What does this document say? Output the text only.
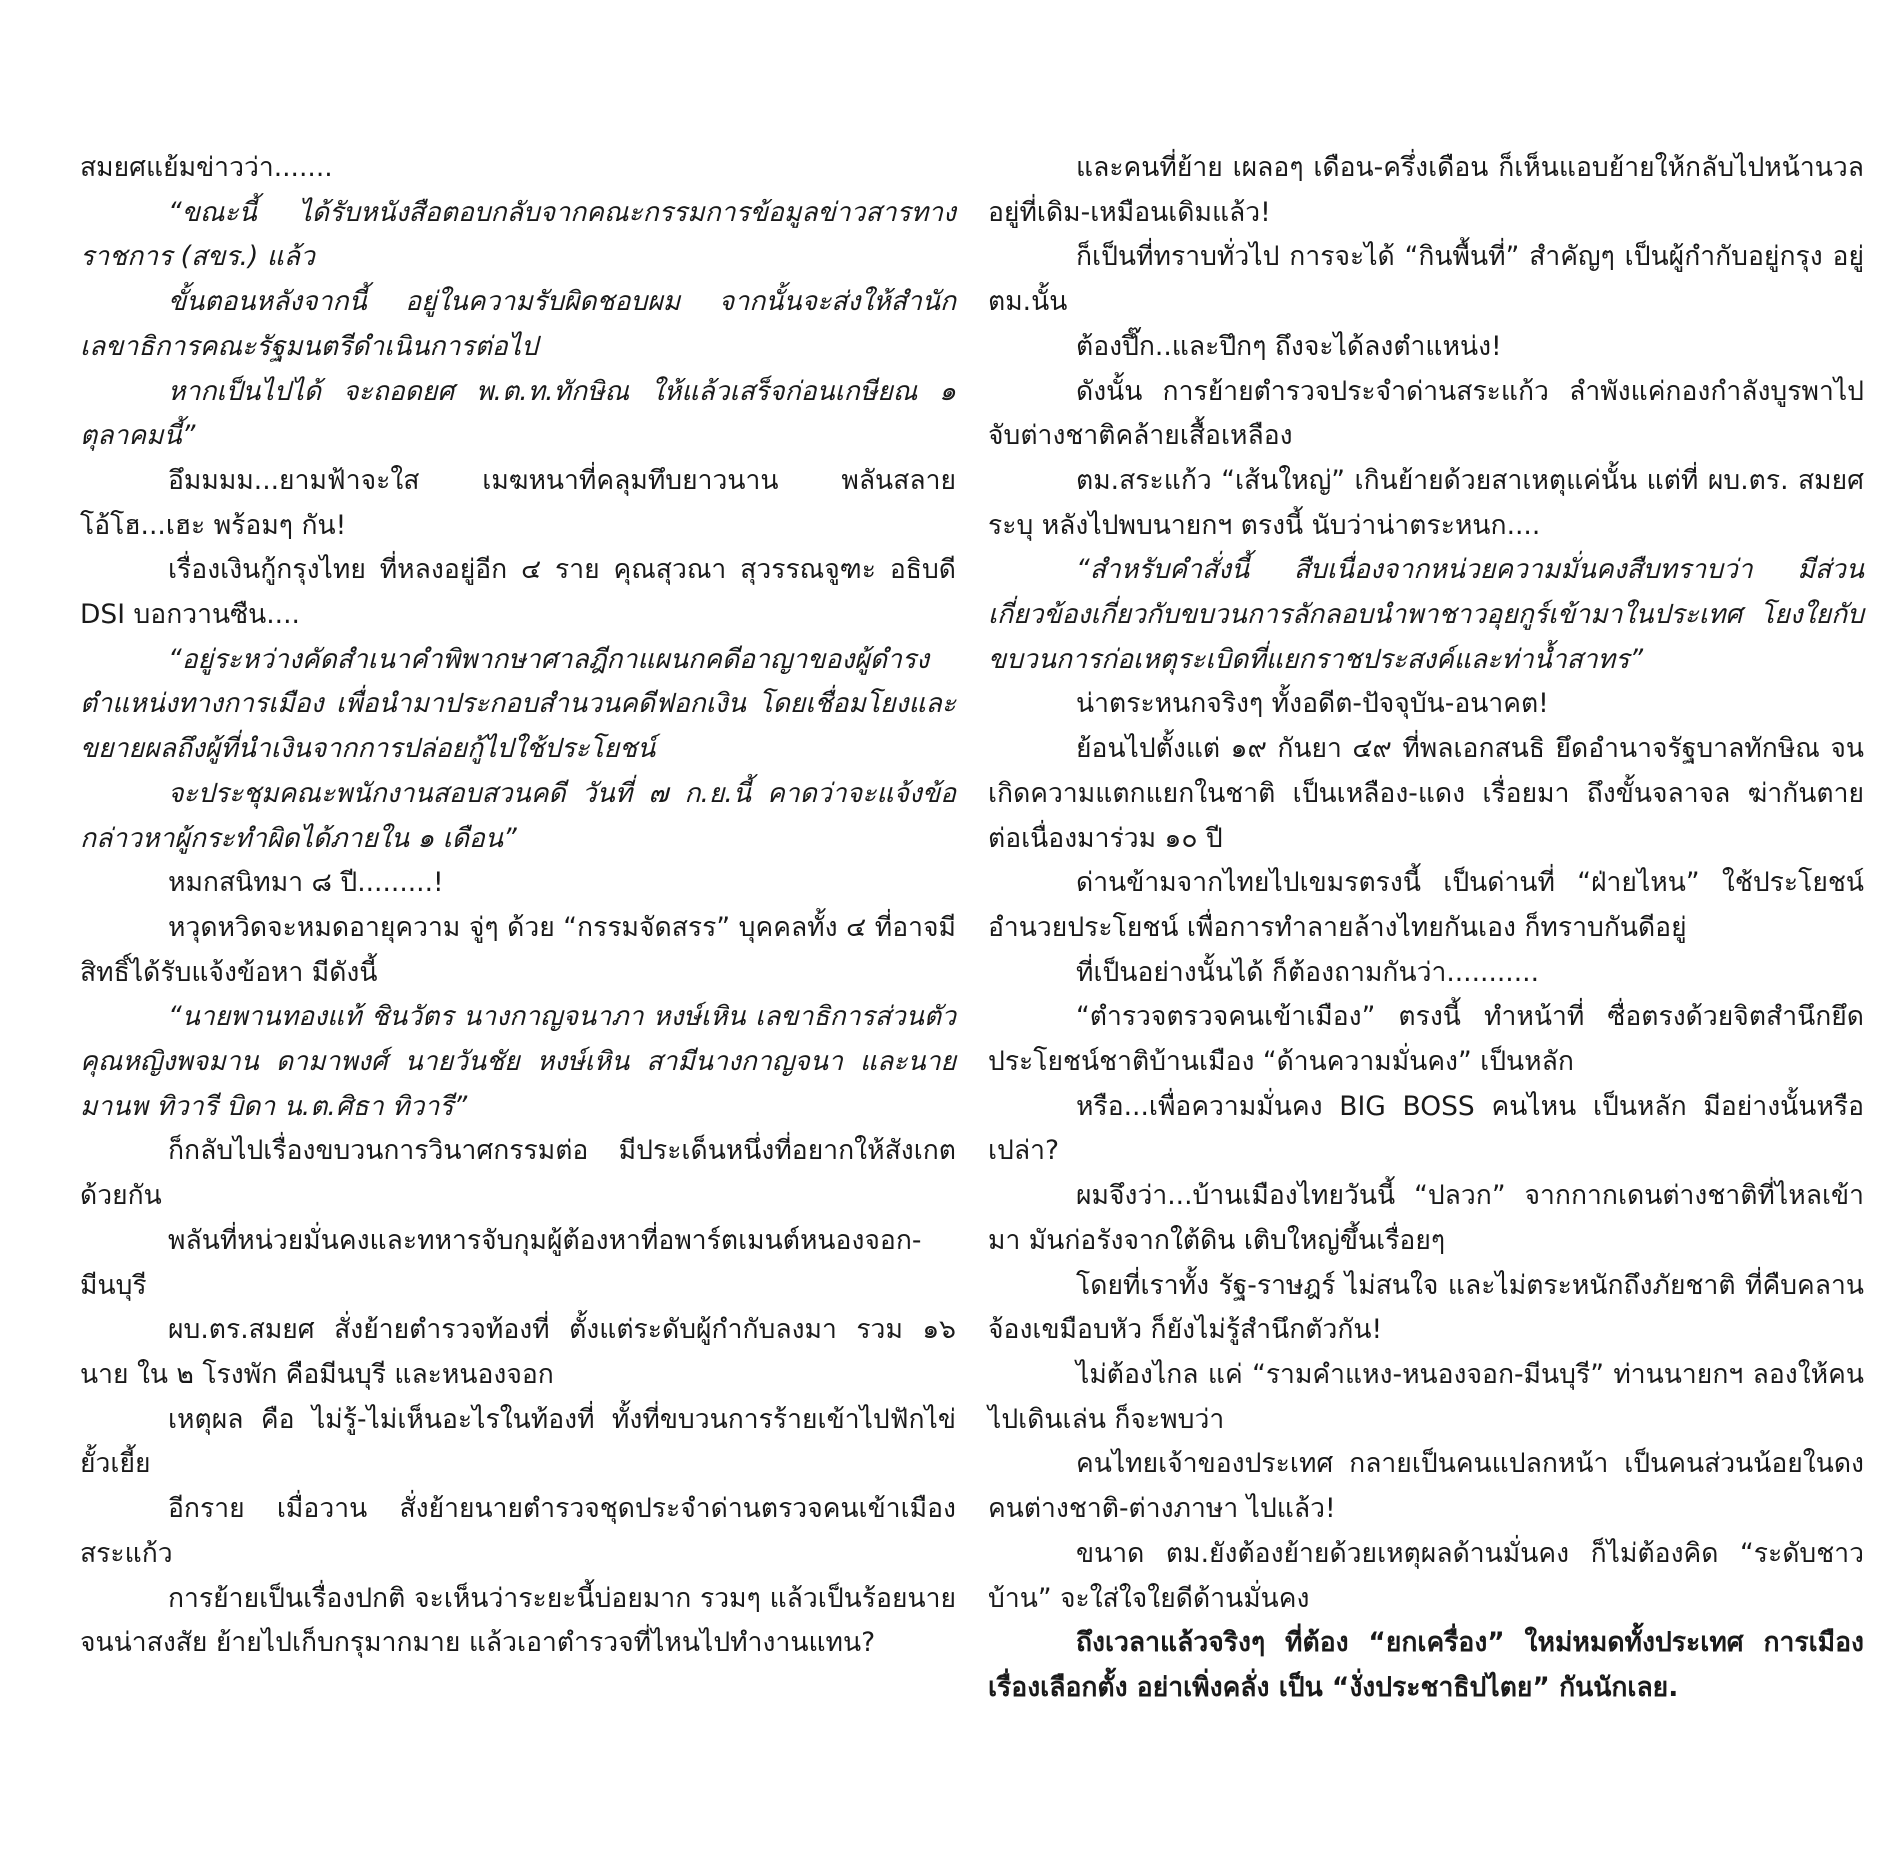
สมยศแย้มข่าวว่า.......

“ขณะนี้ ได้รับหนังสือตอบกลับจากคณะกรรมการข้อมูลข่าวสารทางราชการ (สขร.) แล้ว

ขั้นตอนหลังจากนี้ อยู่ในความรับผิดชอบผม จากนั้นจะส่งให้สำนักเลขาธิการคณะรัฐมนตรีดำเนินการต่อไป

หากเป็นไปได้ จะถอดยศ พ.ต.ท.ทักษิณ ให้แล้วเสร็จก่อนเกษียณ ๑ ตุลาคมนี้”

อึมมมม...ยามฟ้าจะใส เมฆหนาที่คลุมทึบยาวนาน พลันสลาย โอ้โฮ...เฮะ พร้อมๆ กัน!

เรื่องเงินกู้กรุงไทย ที่หลงอยู่อีก ๔ ราย คุณสุวณา สุวรรณจูฑะ อธิบดี DSI บอกวานซืน....

“อยู่ระหว่างคัดสำเนาคำพิพากษาศาลฎีกาแผนกคดีอาญาของผู้ดำรงตำแหน่งทางการเมือง เพื่อนำมาประกอบสำนวนคดีฟอกเงิน โดยเชื่อมโยงและขยายผลถึงผู้ที่นำเงินจากการปล่อยกู้ไปใช้ประโยชน์

จะประชุมคณะพนักงานสอบสวนคดี วันที่ ๗ ก.ย.นี้ คาดว่าจะแจ้งข้อกล่าวหาผู้กระทำผิดได้ภายใน ๑ เดือน”

หมกสนิทมา ๘ ปี.........!

หวุดหวิดจะหมดอายุความ จู่ๆ ด้วย “กรรมจัดสรร” บุคคลทั้ง ๔ ที่อาจมีสิทธิ์ได้รับแจ้งข้อหา มีดังนี้

“นายพานทองแท้ ชินวัตร นางกาญจนาภา หงษ์เหิน เลขาธิการส่วนตัวคุณหญิงพจมาน ดามาพงศ์ นายวันชัย หงษ์เหิน สามีนางกาญจนา และนายมานพ ทิวารี บิดา น.ต.ศิธา ทิวารี”

ก็กลับไปเรื่องขบวนการวินาศกรรมต่อ มีประเด็นหนึ่งที่อยากให้สังเกตด้วยกัน

พลันที่หน่วยมั่นคงและทหารจับกุมผู้ต้องหาที่อพาร์ตเมนต์หนองจอก-มีนบุรี

ผบ.ตร.สมยศ สั่งย้ายตำรวจท้องที่ ตั้งแต่ระดับผู้กำกับลงมา รวม ๑๖ นาย ใน ๒ โรงพัก คือมีนบุรี และหนองจอก

เหตุผล คือ ไม่รู้-ไม่เห็นอะไรในท้องที่ ทั้งที่ขบวนการร้ายเข้าไปฟักไข่ยั้วเยี้ย

อีกราย เมื่อวาน สั่งย้ายนายตำรวจชุดประจำด่านตรวจคนเข้าเมืองสระแก้ว

การย้ายเป็นเรื่องปกติ จะเห็นว่าระยะนี้บ่อยมาก รวมๆ แล้วเป็นร้อยนาย จนน่าสงสัย ย้ายไปเก็บกรุมากมาย แล้วเอาตำรวจที่ไหนไปทำงานแทน?

และคนที่ย้าย เผลอๆ เดือน-ครึ่งเดือน ก็เห็นแอบย้ายให้กลับไปหน้านวลอยู่ที่เดิม-เหมือนเดิมแล้ว!

ก็เป็นที่ทราบทั่วไป การจะได้ “กินพื้นที่” สำคัญๆ เป็นผู้กำกับอยู่กรุง อยู่ ตม.นั้น

ต้องปึ๊ก..และปึกๆ ถึงจะได้ลงตำแหน่ง!

ดังนั้น การย้ายตำรวจประจำด่านสระแก้ว ลำพังแค่กองกำลังบูรพาไปจับต่างชาติคล้ายเสื้อเหลือง

ตม.สระแก้ว “เส้นใหญ่” เกินย้ายด้วยสาเหตุแค่นั้น แต่ที่ ผบ.ตร. สมยศระบุ หลังไปพบนายกฯ ตรงนี้ นับว่าน่าตระหนก....

“สำหรับคำสั่งนี้ สืบเนื่องจากหน่วยความมั่นคงสืบทราบว่า มีส่วนเกี่ยวข้องเกี่ยวกับขบวนการลักลอบนำพาชาวอุยกูร์เข้ามาในประเทศ โยงใยกับขบวนการก่อเหตุระเบิดที่แยกราชประสงค์และท่าน้ำสาทร”

น่าตระหนกจริงๆ ทั้งอดีต-ปัจจุบัน-อนาคต!

ย้อนไปตั้งแต่ ๑๙ กันยา ๔๙ ที่พลเอกสนธิ ยึดอำนาจรัฐบาลทักษิณ จนเกิดความแตกแยกในชาติ เป็นเหลือง-แดง เรื่อยมา ถึงขั้นจลาจล ฆ่ากันตาย ต่อเนื่องมาร่วม ๑๐ ปี

ด่านข้ามจากไทยไปเขมรตรงนี้ เป็นด่านที่ “ฝ่ายไหน” ใช้ประโยชน์ อำนวยประโยชน์ เพื่อการทำลายล้างไทยกันเอง ก็ทราบกันดีอยู่

ที่เป็นอย่างนั้นได้ ก็ต้องถามกันว่า...........

“ตำรวจตรวจคนเข้าเมือง” ตรงนี้ ทำหน้าที่ ซื่อตรงด้วยจิตสำนึกยึดประโยชน์ชาติบ้านเมือง “ด้านความมั่นคง” เป็นหลัก

หรือ...เพื่อความมั่นคง BIG BOSS คนไหน เป็นหลัก มีอย่างนั้นหรือเปล่า?

ผมจึงว่า...บ้านเมืองไทยวันนี้ “ปลวก” จากกากเดนต่างชาติที่ไหลเข้ามา มันก่อรังจากใต้ดิน เติบใหญ่ขึ้นเรื่อยๆ

โดยที่เราทั้ง รัฐ-ราษฎร์ ไม่สนใจ และไม่ตระหนักถึงภัยชาติ ที่คืบคลานจ้องเขมือบหัว ก็ยังไม่รู้สำนึกตัวกัน!

ไม่ต้องไกล แค่ “รามคำแหง-หนองจอก-มีนบุรี” ท่านนายกฯ ลองให้คนไปเดินเล่น ก็จะพบว่า

คนไทยเจ้าของประเทศ กลายเป็นคนแปลกหน้า เป็นคนส่วนน้อยในดงคนต่างชาติ-ต่างภาษา ไปแล้ว!

ขนาด ตม.ยังต้องย้ายด้วยเหตุผลด้านมั่นคง ก็ไม่ต้องคิด “ระดับชาวบ้าน” จะใส่ใจใยดีด้านมั่นคง

ถึงเวลาแล้วจริงๆ ที่ต้อง “ยกเครื่อง” ใหม่หมดทั้งประเทศ การเมืองเรื่องเลือกตั้ง อย่าเพิ่งคลั่ง เป็น “งั่งประชาธิปไตย” กันนักเลย.
